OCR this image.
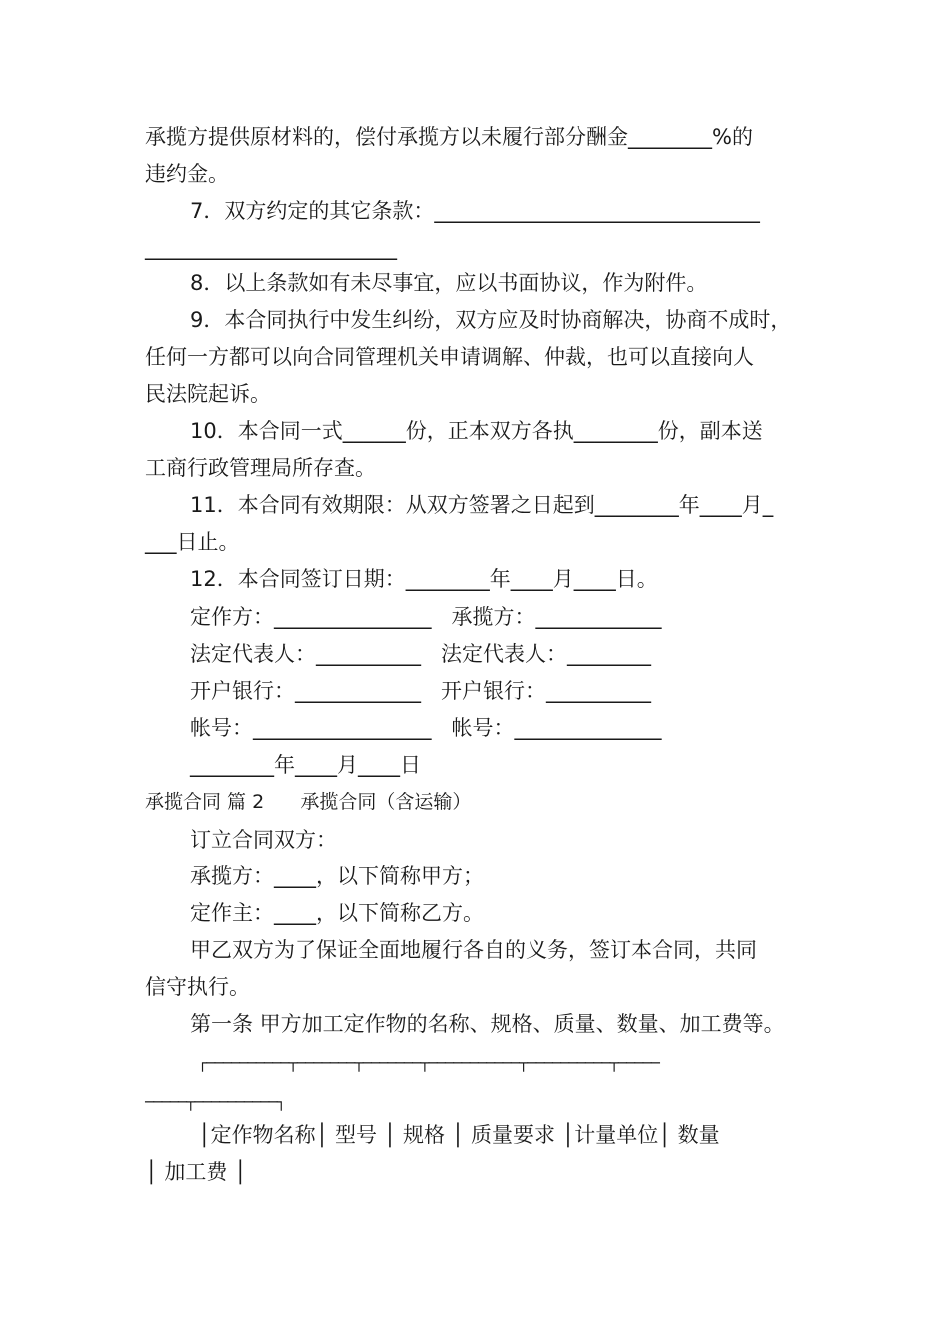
承揽方提供原材料的，偿付承揽方以未履行部分酬金________%的
违约金。
7．双方约定的其它条款：_______________________________
________________________
8．以上条款如有未尽事宜，应以书面协议，作为附件。
9．本合同执行中发生纠纷，双方应及时协商解决，协商不成时，
任何一方都可以向合同管理机关申请调解、仲裁，也可以直接向人
民法院起诉。
10．本合同一式______份，正本双方各执________份，副本送
工商行政管理局所存查。
11．本合同有效期限：从双方签署之日起到________年____月_
___日止。
12．本合同签订日期：________年____月____日。
定作方：_______________   承揽方：____________
法定代表人：__________   法定代表人：________
开户银行：____________   开户银行：__________
帐号：_________________   帐号：______________
________年____月____日
承揽合同 篇 2      承揽合同（含运输）
订立合同双方：
承揽方：____，以下简称甲方；
定作主：____，以下简称乙方。
甲乙双方为了保证全面地履行各自的义务，签订本合同，共同
信守执行。
第一条 甲方加工定作物的名称、规格、质量、数量、加工费等。
┌──────────┬───────┬───────┬───────────┬──────────┬─────
─────┬──────────┐
│定作物名称│ 型号 │ 规格 │ 质量要求 │计量单位│ 数量
│ 加工费 │
